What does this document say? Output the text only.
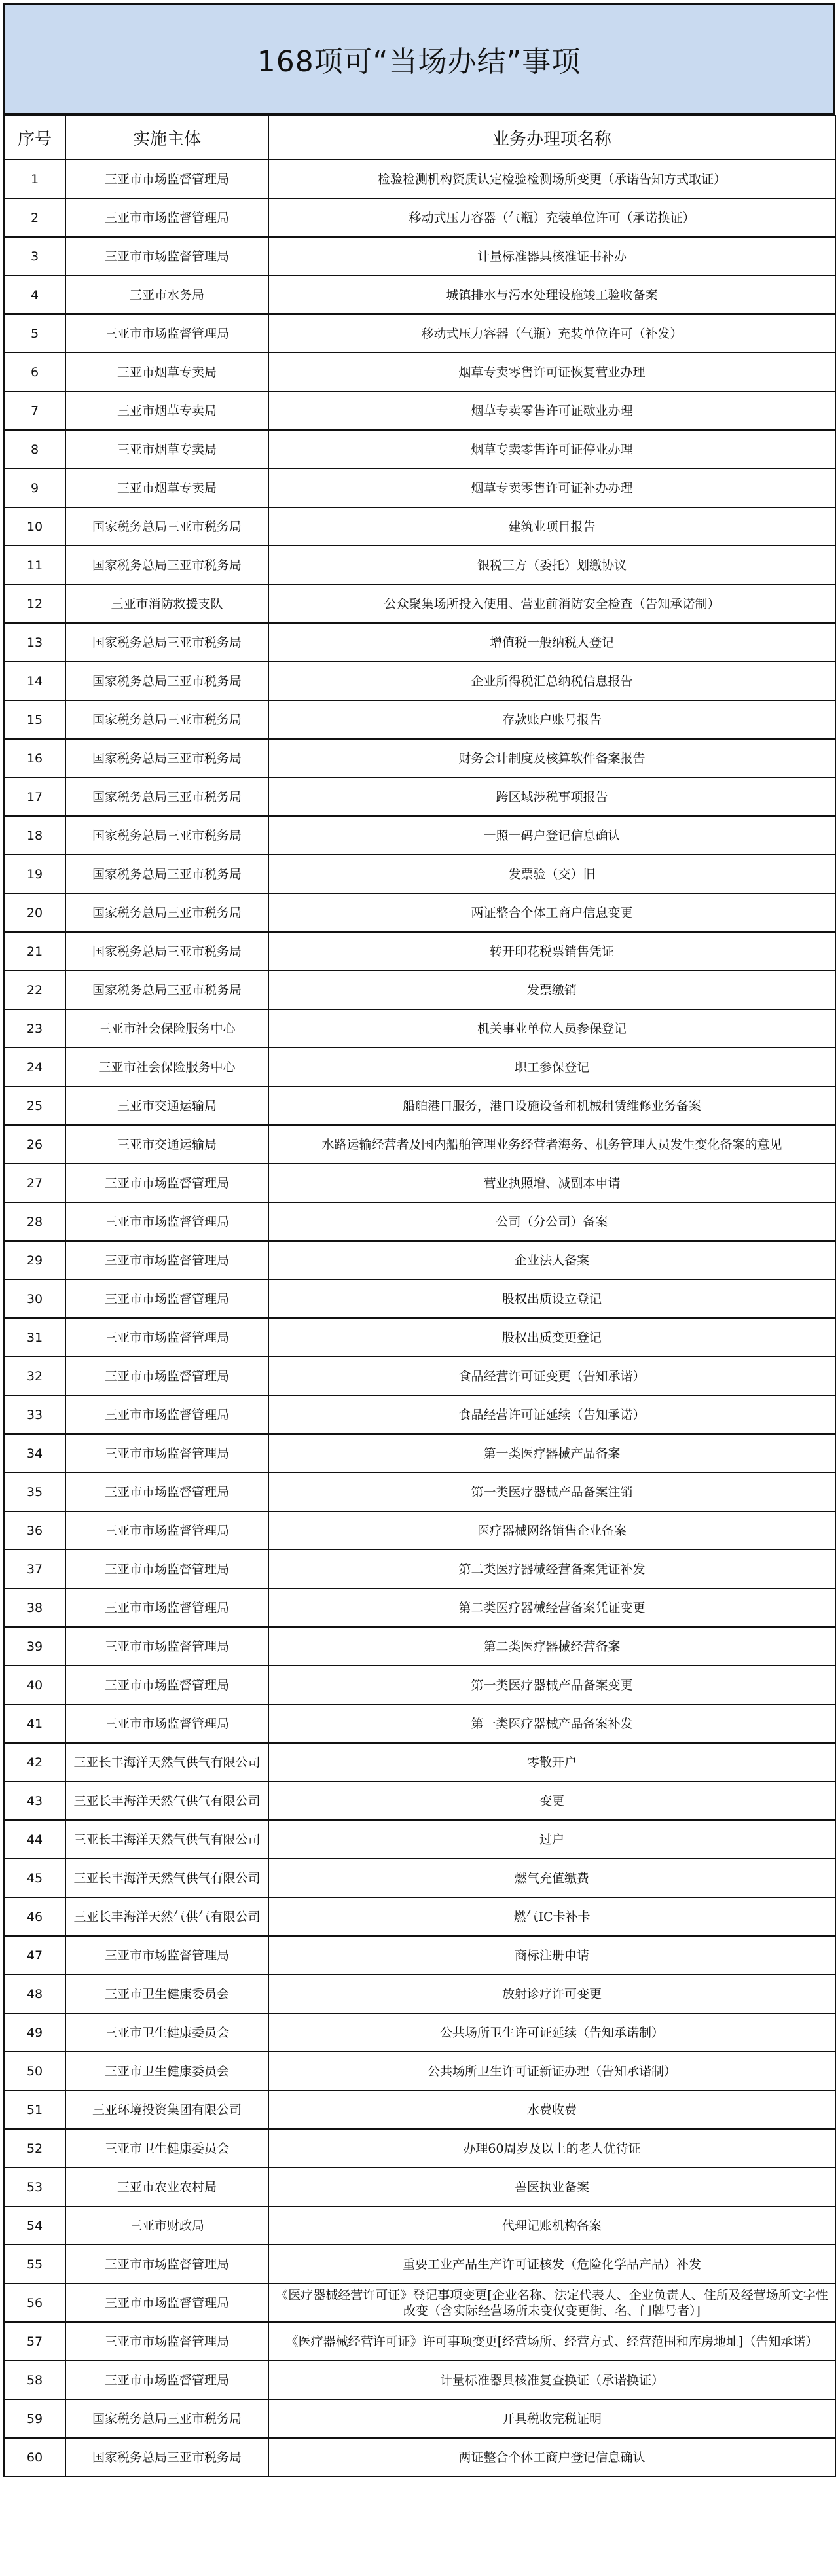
168项可“当场办结”事项
序号	实施主体	业务办理项名称
1	三亚市市场监督管理局	检验检测机构资质认定检验检测场所变更（承诺告知方式取证）
2	三亚市市场监督管理局	移动式压力容器（气瓶）充装单位许可（承诺换证）
3	三亚市市场监督管理局	计量标准器具核准证书补办
4	三亚市水务局	城镇排水与污水处理设施竣工验收备案
5	三亚市市场监督管理局	移动式压力容器（气瓶）充装单位许可（补发）
6	三亚市烟草专卖局	烟草专卖零售许可证恢复营业办理
7	三亚市烟草专卖局	烟草专卖零售许可证歇业办理
8	三亚市烟草专卖局	烟草专卖零售许可证停业办理
9	三亚市烟草专卖局	烟草专卖零售许可证补办办理
10	国家税务总局三亚市税务局	建筑业项目报告
11	国家税务总局三亚市税务局	银税三方（委托）划缴协议
12	三亚市消防救援支队	公众聚集场所投入使用、营业前消防安全检查（告知承诺制）
13	国家税务总局三亚市税务局	增值税一般纳税人登记
14	国家税务总局三亚市税务局	企业所得税汇总纳税信息报告
15	国家税务总局三亚市税务局	存款账户账号报告
16	国家税务总局三亚市税务局	财务会计制度及核算软件备案报告
17	国家税务总局三亚市税务局	跨区域涉税事项报告
18	国家税务总局三亚市税务局	一照一码户登记信息确认
19	国家税务总局三亚市税务局	发票验（交）旧
20	国家税务总局三亚市税务局	两证整合个体工商户信息变更
21	国家税务总局三亚市税务局	转开印花税票销售凭证
22	国家税务总局三亚市税务局	发票缴销
23	三亚市社会保险服务中心	机关事业单位人员参保登记
24	三亚市社会保险服务中心	职工参保登记
25	三亚市交通运输局	船舶港口服务，港口设施设备和机械租赁维修业务备案
26	三亚市交通运输局	水路运输经营者及国内船舶管理业务经营者海务、机务管理人员发生变化备案的意见
27	三亚市市场监督管理局	营业执照增、减副本申请
28	三亚市市场监督管理局	公司（分公司）备案
29	三亚市市场监督管理局	企业法人备案
30	三亚市市场监督管理局	股权出质设立登记
31	三亚市市场监督管理局	股权出质变更登记
32	三亚市市场监督管理局	食品经营许可证变更（告知承诺）
33	三亚市市场监督管理局	食品经营许可证延续（告知承诺）
34	三亚市市场监督管理局	第一类医疗器械产品备案
35	三亚市市场监督管理局	第一类医疗器械产品备案注销
36	三亚市市场监督管理局	医疗器械网络销售企业备案
37	三亚市市场监督管理局	第二类医疗器械经营备案凭证补发
38	三亚市市场监督管理局	第二类医疗器械经营备案凭证变更
39	三亚市市场监督管理局	第二类医疗器械经营备案
40	三亚市市场监督管理局	第一类医疗器械产品备案变更
41	三亚市市场监督管理局	第一类医疗器械产品备案补发
42	三亚长丰海洋天然气供气有限公司	零散开户
43	三亚长丰海洋天然气供气有限公司	变更
44	三亚长丰海洋天然气供气有限公司	过户
45	三亚长丰海洋天然气供气有限公司	燃气充值缴费
46	三亚长丰海洋天然气供气有限公司	燃气IC卡补卡
47	三亚市市场监督管理局	商标注册申请
48	三亚市卫生健康委员会	放射诊疗许可变更
49	三亚市卫生健康委员会	公共场所卫生许可证延续（告知承诺制）
50	三亚市卫生健康委员会	公共场所卫生许可证新证办理（告知承诺制）
51	三亚环境投资集团有限公司	水费收费
52	三亚市卫生健康委员会	办理60周岁及以上的老人优待证
53	三亚市农业农村局	兽医执业备案
54	三亚市财政局	代理记账机构备案
55	三亚市市场监督管理局	重要工业产品生产许可证核发（危险化学品产品）补发
56	三亚市市场监督管理局	《医疗器械经营许可证》登记事项变更[企业名称、法定代表人、企业负责人、住所及经营场所文字性改变（含实际经营场所未变仅变更街、名、门牌号者）]
57	三亚市市场监督管理局	《医疗器械经营许可证》许可事项变更[经营场所、经营方式、经营范围和库房地址]（告知承诺）
58	三亚市市场监督管理局	计量标准器具核准复查换证（承诺换证）
59	国家税务总局三亚市税务局	开具税收完税证明
60	国家税务总局三亚市税务局	两证整合个体工商户登记信息确认
